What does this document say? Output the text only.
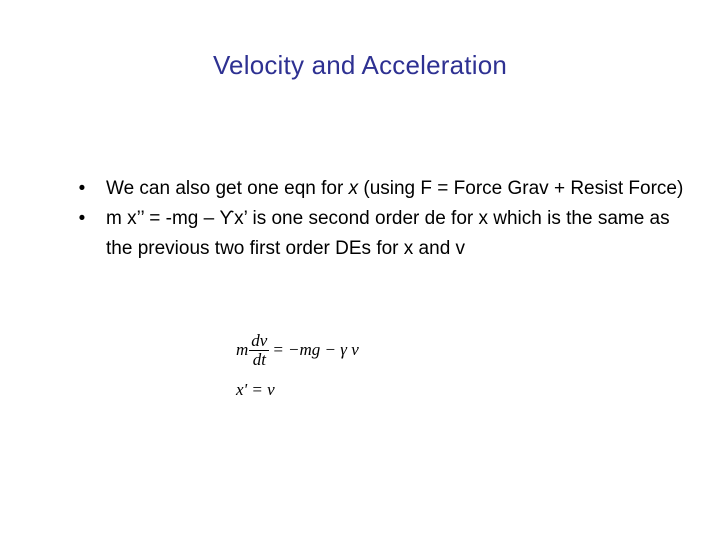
Velocity and Acceleration
•	We can also get one eqn for x (using F = Force Grav + Resist Force)
•	m x’’ = -mg – Ƴx’ is one second order de for x which is the same as the previous two first order DEs for x and v
m $\frac{dv}{dt} = -mg - \gamma$ v
x' = v
